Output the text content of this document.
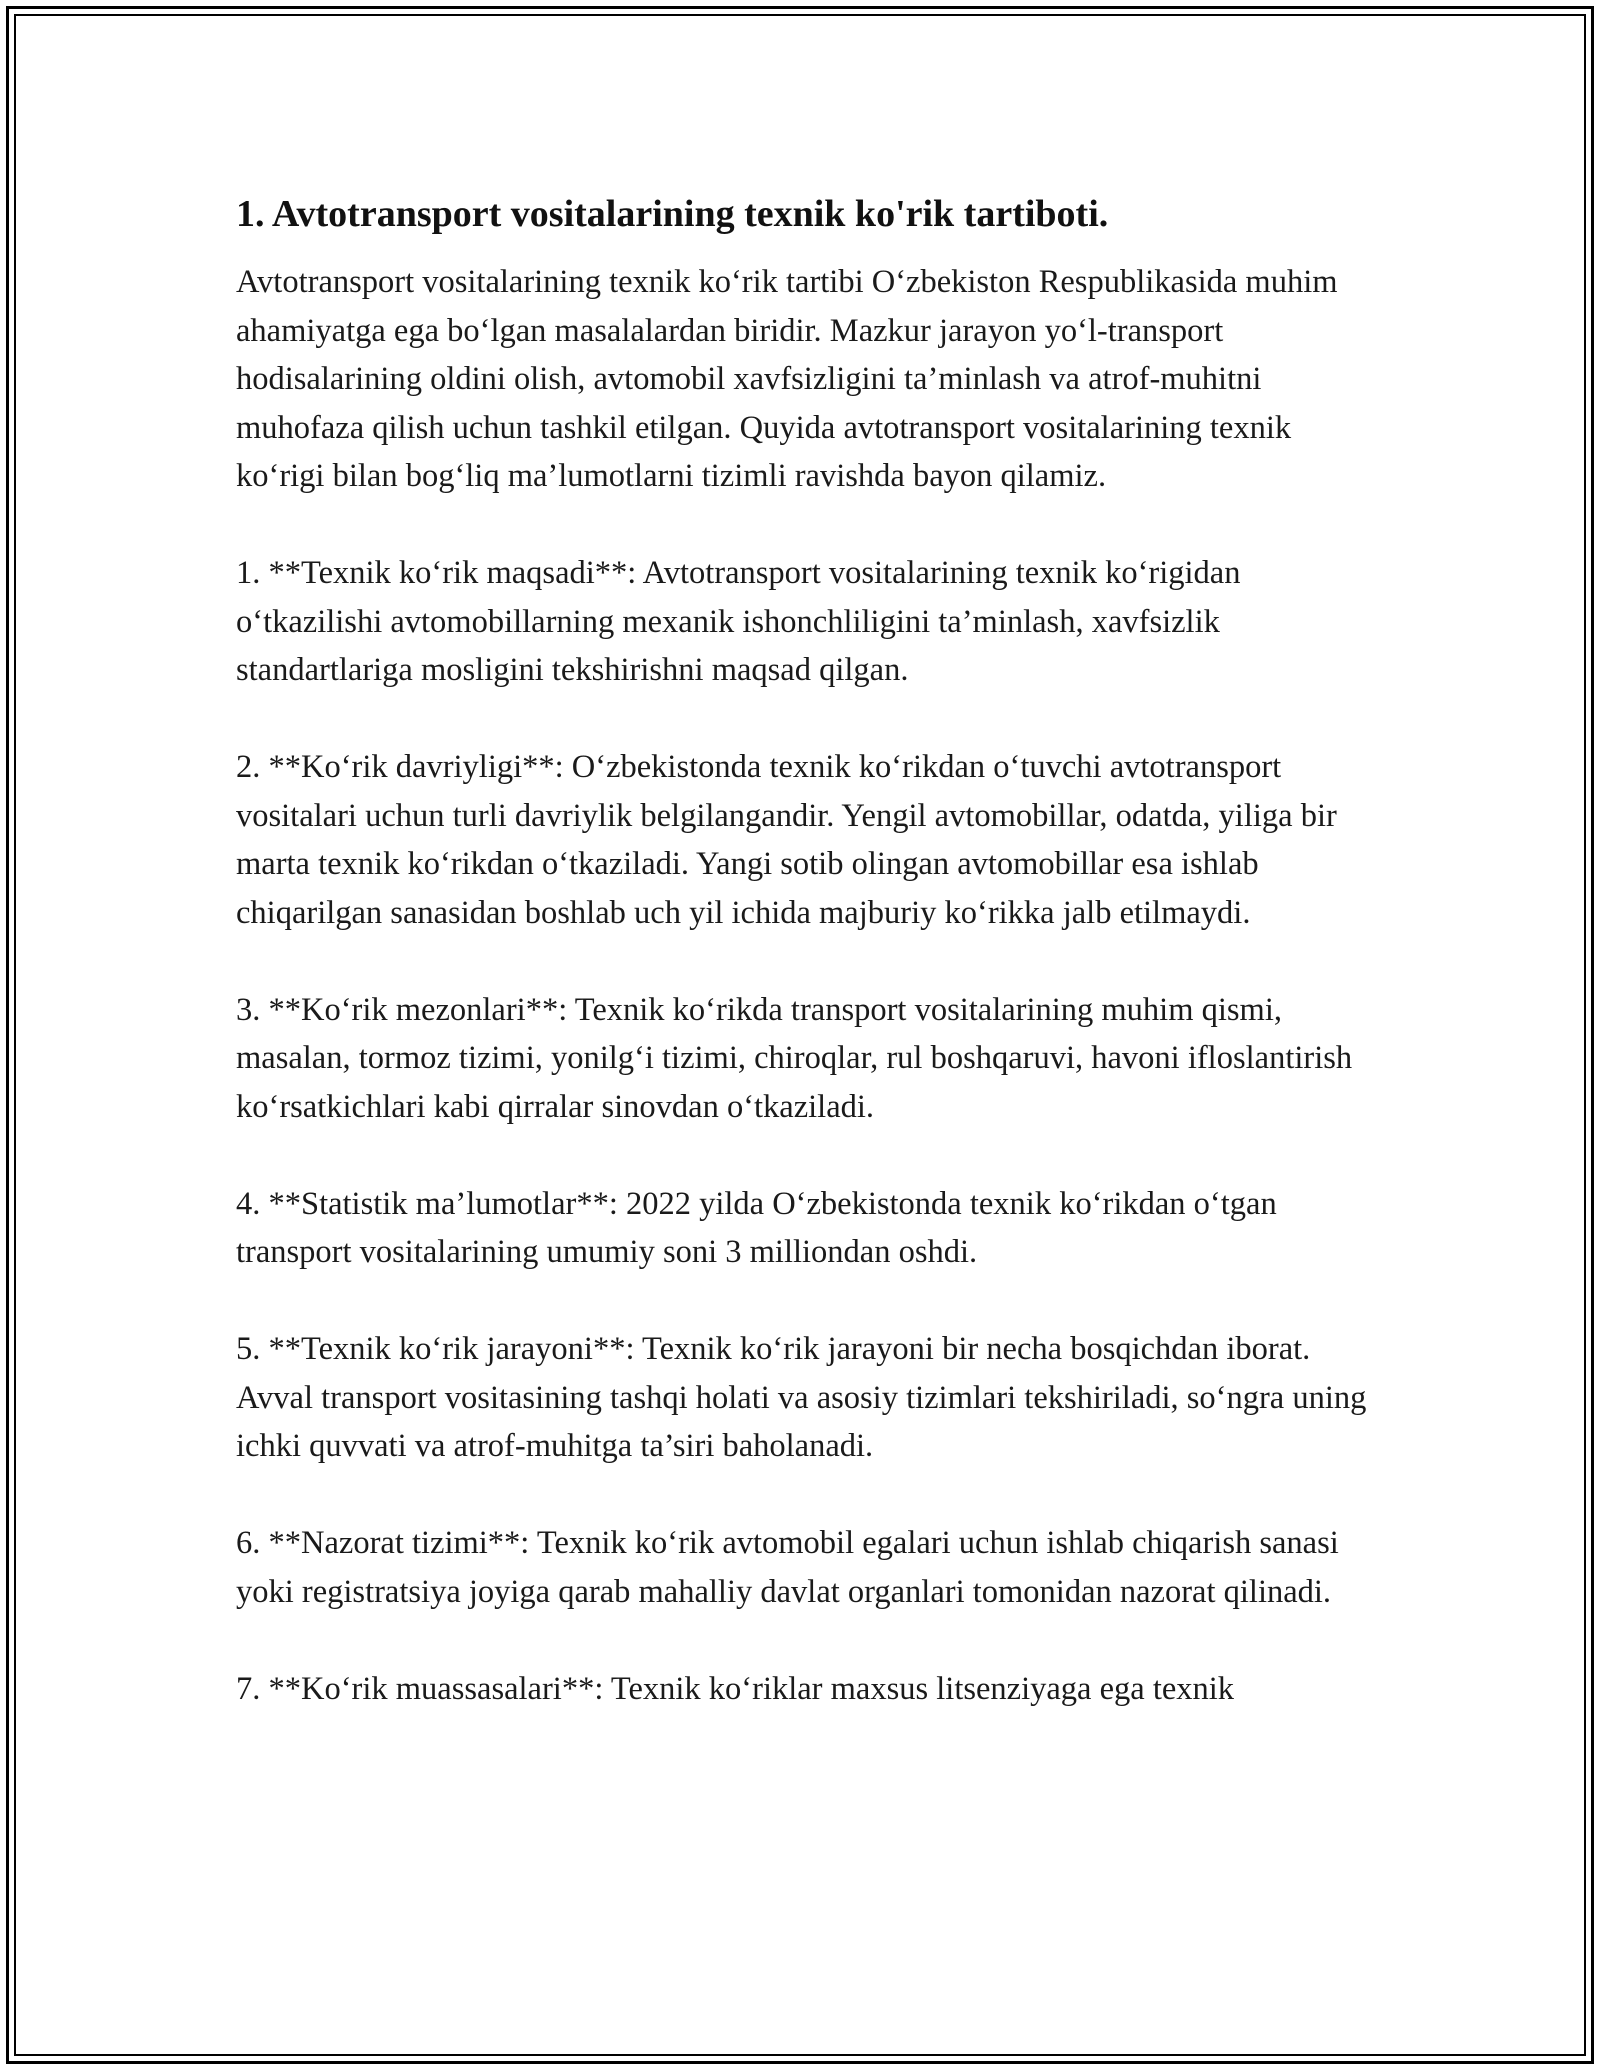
1. Avtotransport vositalarining texnik ko'rik tartiboti.

Avtotransport vositalarining texnik ko‘rik tartibi O‘zbekiston Respublikasida muhim ahamiyatga ega bo‘lgan masalalardan biridir. Mazkur jarayon yo‘l-transport hodisalarining oldini olish, avtomobil xavfsizligini ta’minlash va atrof-muhitni muhofaza qilish uchun tashkil etilgan. Quyida avtotransport vositalarining texnik ko‘rigi bilan bog‘liq ma’lumotlarni tizimli ravishda bayon qilamiz.

1. **Texnik ko‘rik maqsadi**: Avtotransport vositalarining texnik ko‘rigidan o‘tkazilishi avtomobillarning mexanik ishonchliligini ta’minlash, xavfsizlik standartlariga mosligini tekshirishni maqsad qilgan.

2. **Ko‘rik davriyligi**: O‘zbekistonda texnik ko‘rikdan o‘tuvchi avtotransport vositalari uchun turli davriylik belgilangandir. Yengil avtomobillar, odatda, yiliga bir marta texnik ko‘rikdan o‘tkaziladi. Yangi sotib olingan avtomobillar esa ishlab chiqarilgan sanasidan boshlab uch yil ichida majburiy ko‘rikka jalb etilmaydi.

3. **Ko‘rik mezonlari**: Texnik ko‘rikda transport vositalarining muhim qismi, masalan, tormoz tizimi, yonilg‘i tizimi, chiroqlar, rul boshqaruvi, havoni ifloslantirish ko‘rsatkichlari kabi qirralar sinovdan o‘tkaziladi.

4. **Statistik ma’lumotlar**: 2022 yilda O‘zbekistonda texnik ko‘rikdan o‘tgan transport vositalarining umumiy soni 3 milliondan oshdi.

5. **Texnik ko‘rik jarayoni**: Texnik ko‘rik jarayoni bir necha bosqichdan iborat. Avval transport vositasining tashqi holati va asosiy tizimlari tekshiriladi, so‘ngra uning ichki quvvati va atrof-muhitga ta’siri baholanadi.

6. **Nazorat tizimi**: Texnik ko‘rik avtomobil egalari uchun ishlab chiqarish sanasi yoki registratsiya joyiga qarab mahalliy davlat organlari tomonidan nazorat qilinadi.

7. **Ko‘rik muassasalari**: Texnik ko‘riklar maxsus litsenziyaga ega texnik
